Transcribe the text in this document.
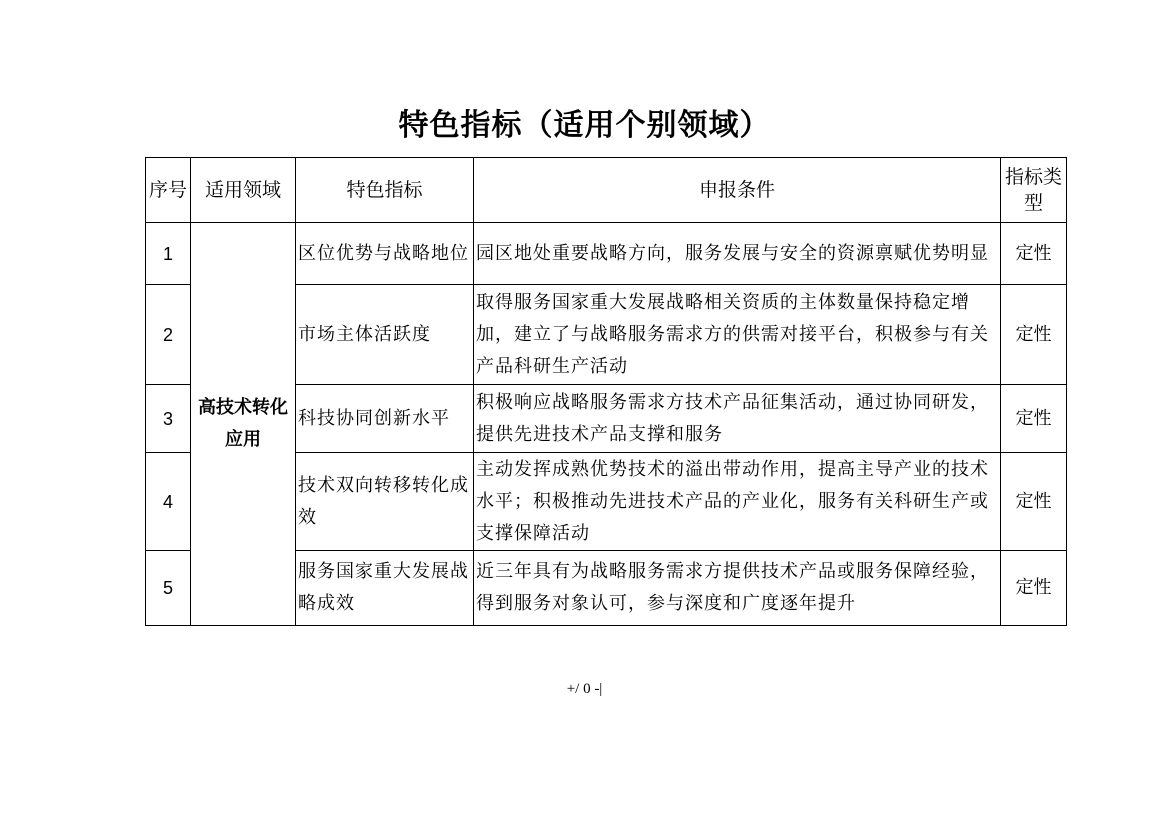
特色指标（适用个别领域）
序号	适用领域	特色指标	申报条件	指标类型
1	高技术转化应用	区位优势与战略地位	园区地处重要战略方向，服务发展与安全的资源禀赋优势明显	定性
2		市场主体活跃度	取得服务国家重大发展战略相关资质的主体数量保持稳定增加，建立了与战略服务需求方的供需对接平台，积极参与有关产品科研生产活动	定性
3		科技协同创新水平	积极响应战略服务需求方技术产品征集活动，通过协同研发，提供先进技术产品支撑和服务	定性
4		技术双向转移转化成效	主动发挥成熟优势技术的溢出带动作用，提高主导产业的技术水平；积极推动先进技术产品的产业化，服务有关科研生产或支撑保障活动	定性
5		服务国家重大发展战略成效	近三年具有为战略服务需求方提供技术产品或服务保障经验，得到服务对象认可，参与深度和广度逐年提升	定性
+/ 0 -|
